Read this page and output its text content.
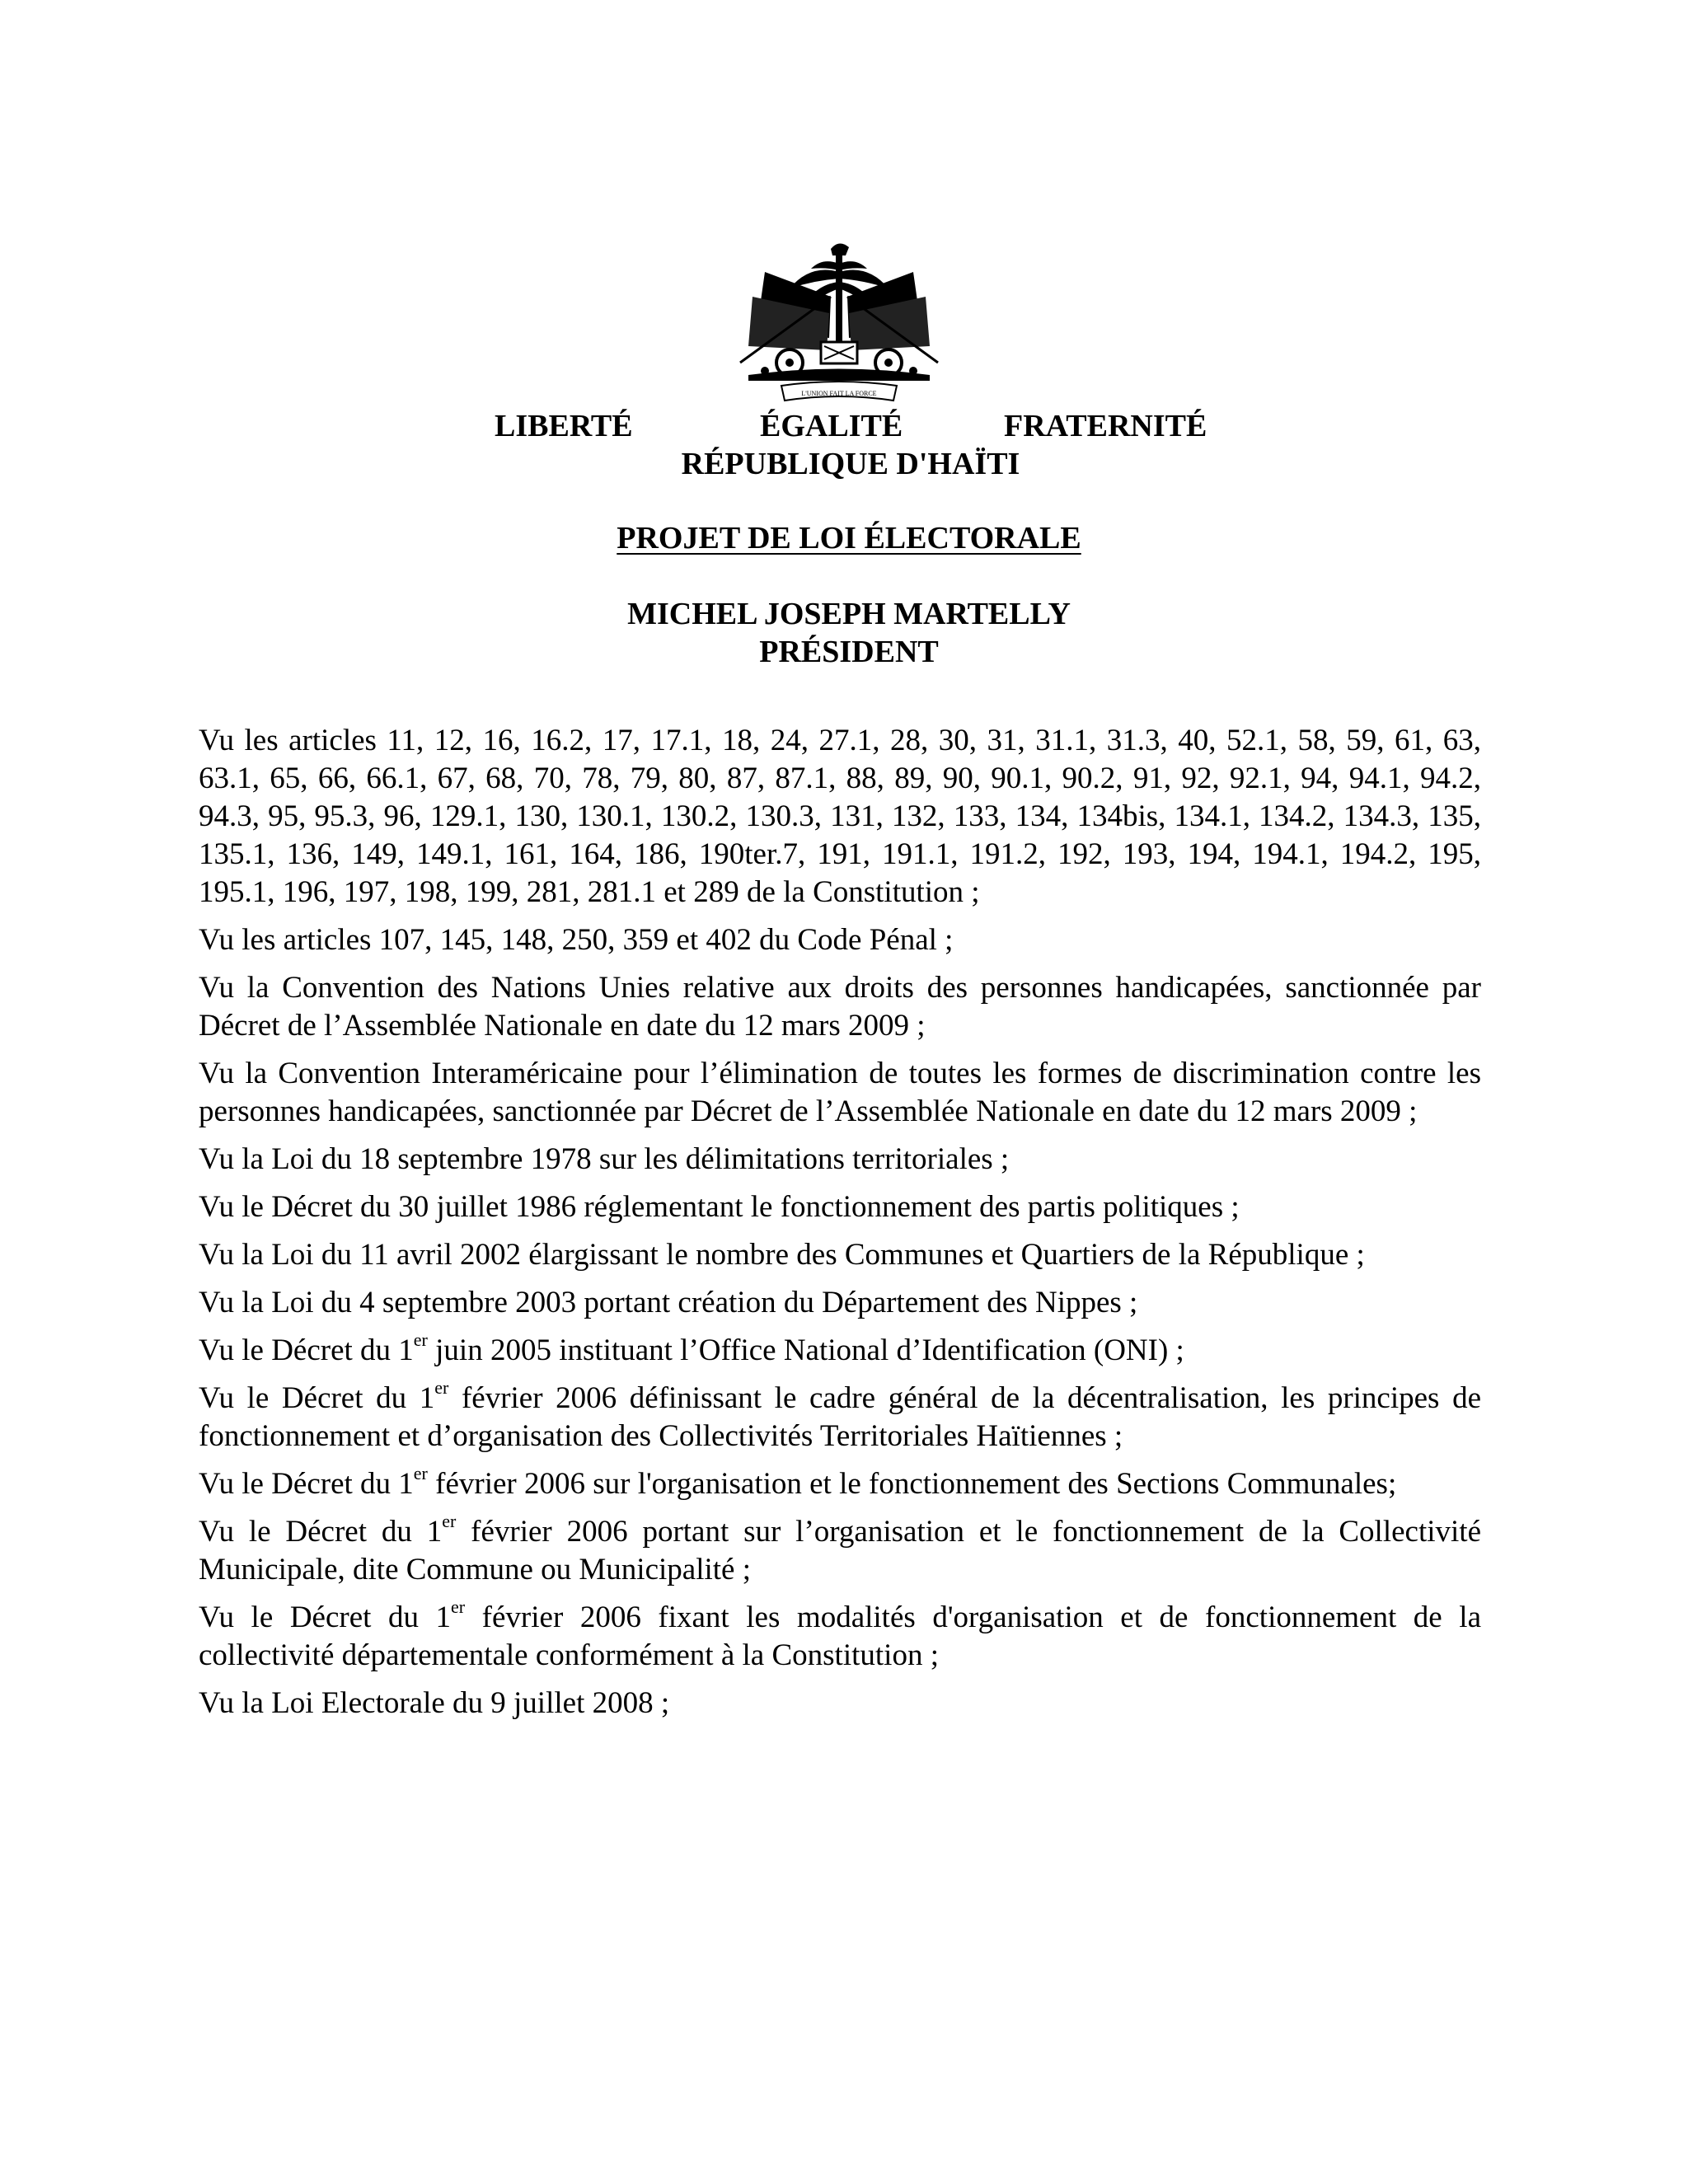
L'UNION FAIT LA FORCE
LIBERTÉ	ÉGALITÉ	FRATERNITÉ
RÉPUBLIQUE D'HAÏTI
PROJET DE LOI ÉLECTORALE
MICHEL JOSEPH MARTELLY
PRÉSIDENT

Vu les articles 11, 12, 16, 16.2, 17, 17.1, 18, 24, 27.1, 28, 30, 31, 31.1, 31.3, 40, 52.1, 58, 59, 61, 63, 63.1, 65, 66, 66.1, 67, 68, 70, 78, 79, 80, 87, 87.1, 88, 89, 90, 90.1, 90.2, 91, 92, 92.1, 94, 94.1, 94.2, 94.3, 95, 95.3, 96, 129.1, 130, 130.1, 130.2, 130.3, 131, 132, 133, 134, 134bis, 134.1, 134.2, 134.3, 135, 135.1, 136, 149, 149.1, 161, 164, 186, 190ter.7, 191, 191.1, 191.2, 192, 193, 194, 194.1, 194.2, 195, 195.1, 196, 197, 198, 199, 281, 281.1 et 289 de la Constitution ;

Vu les articles 107, 145, 148, 250, 359 et 402 du Code Pénal ;

Vu la Convention des Nations Unies relative aux droits des personnes handicapées, sanctionnée par Décret de l’Assemblée Nationale en date du 12 mars 2009 ;

Vu la Convention Interaméricaine pour l’élimination de toutes les formes de discrimination contre les personnes handicapées, sanctionnée par Décret de l’Assemblée Nationale en date du 12 mars 2009 ;

Vu la Loi du 18 septembre 1978 sur les délimitations territoriales ;

Vu le Décret du 30 juillet 1986 réglementant le fonctionnement des partis politiques ;

Vu la Loi du 11 avril 2002 élargissant le nombre des Communes et Quartiers de la République ;

Vu la Loi du 4 septembre 2003 portant création du Département des Nippes ;

Vu le Décret du 1er juin 2005 instituant l’Office National d’Identification (ONI) ;

Vu le Décret du 1er février 2006 définissant le cadre général de la décentralisation, les principes de fonctionnement et d’organisation des Collectivités Territoriales Haïtiennes ;

Vu le Décret du 1er février 2006 sur l'organisation et le fonctionnement des Sections Communales;

Vu le Décret du 1er février 2006 portant sur l’organisation et le fonctionnement de la Collectivité Municipale, dite Commune ou Municipalité ;

Vu le Décret du 1er février 2006 fixant les modalités d'organisation et de fonctionnement de la collectivité départementale conformément à la Constitution ;

Vu la Loi Electorale du 9 juillet 2008 ;
